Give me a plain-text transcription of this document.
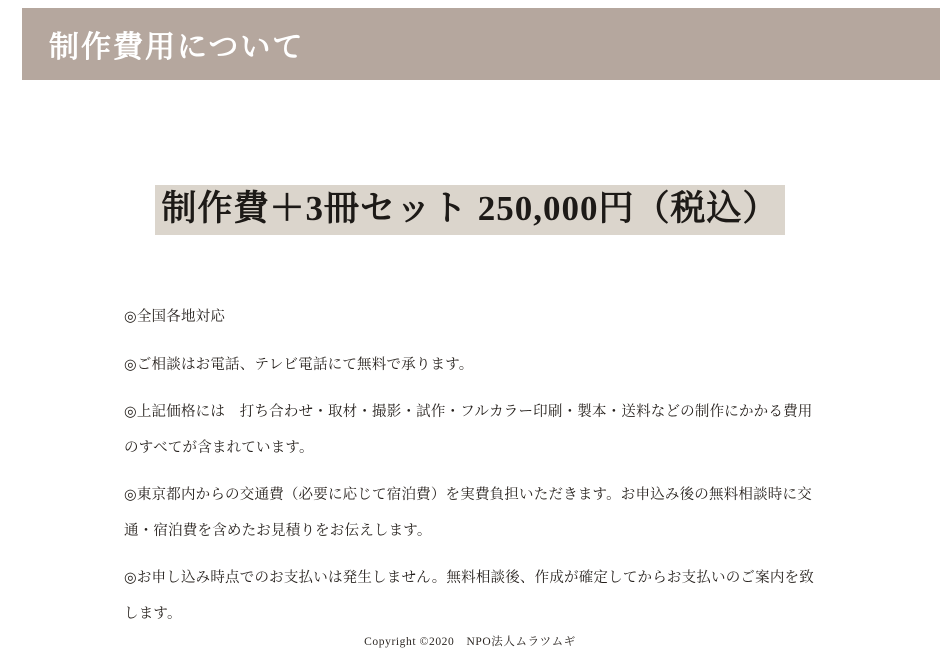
制作費用について
制作費＋3冊セット 250,000円（税込）

◎全国各地対応

◎ご相談はお電話、テレビ電話にて無料で承ります。

◎上記価格には　打ち合わせ・取材・撮影・試作・フルカラー印刷・製本・送料などの制作にかかる費用のすべてが含まれています。

◎東京都内からの交通費（必要に応じて宿泊費）を実費負担いただきます。お申込み後の無料相談時に交通・宿泊費を含めたお見積りをお伝えします。

◎お申し込み時点でのお支払いは発生しません。無料相談後、作成が確定してからお支払いのご案内を致します。

Copyright ©2020　NPO法人ムラツムギ
